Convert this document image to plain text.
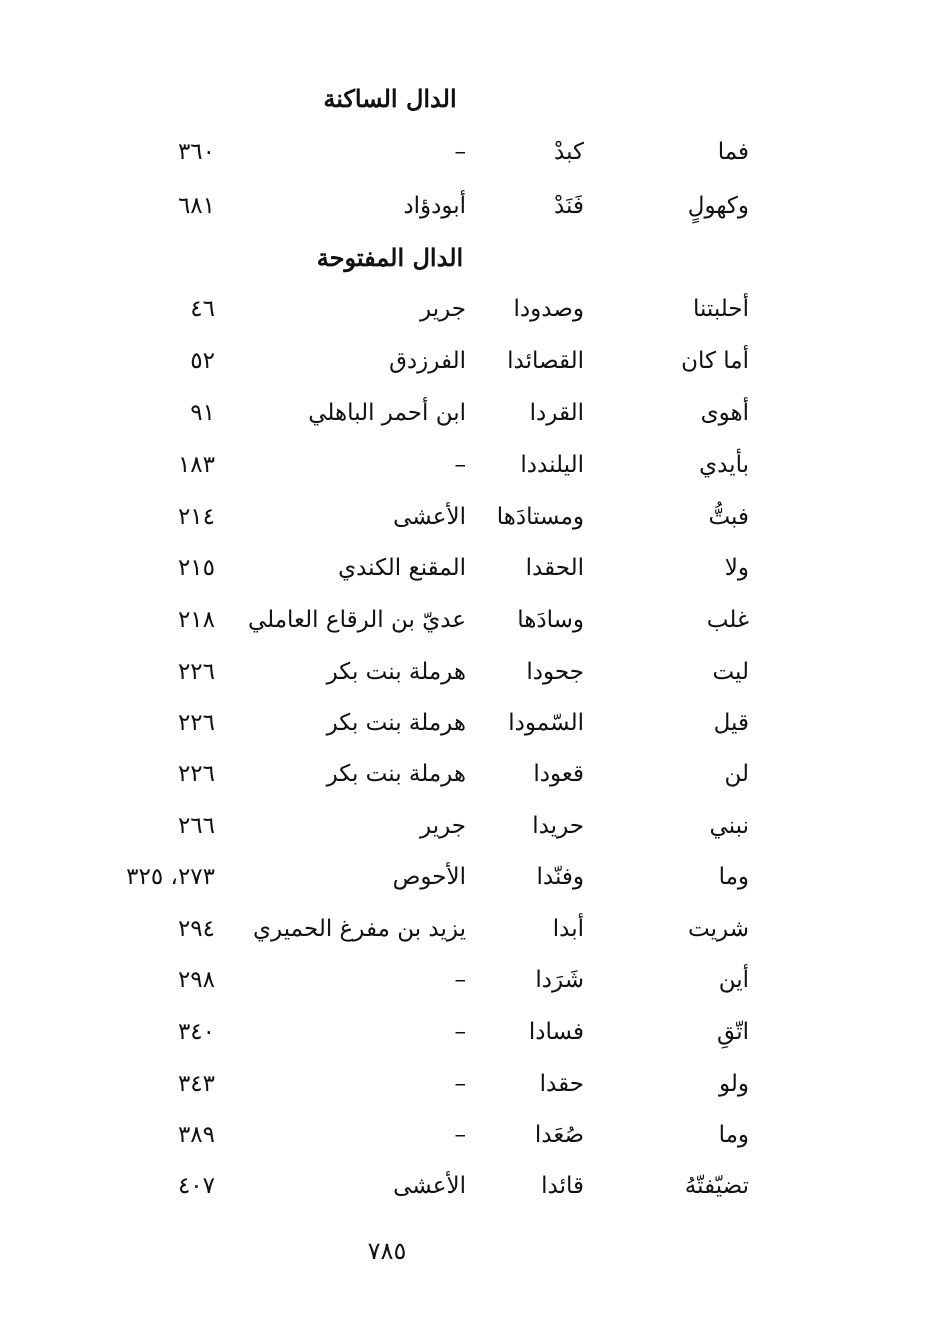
الدال الساكنة
فما
كبدْ
–
٣٦٠
وكهولٍ
فَنَدْ
أبودؤاد
٦٨١
الدال المفتوحة
أحلبتنا
وصدودا
جرير
٤٦
أما كان
القصائدا
الفرزدق
٥٢
أهوى
القردا
ابن أحمر الباهلي
٩١
بأيدي
اليلنددا
–
١٨٣
فبتُّ
ومستادَها
الأعشى
٢١٤
ولا
الحقدا
المقنع الكندي
٢١٥
غلب
وسادَها
عديّ بن الرقاع العاملي
٢١٨
ليت
جحودا
هرملة بنت بكر
٢٢٦
قيل
السّمودا
هرملة بنت بكر
٢٢٦
لن
قعودا
هرملة بنت بكر
٢٢٦
نبني
حريدا
جرير
٢٦٦
وما
وفنّدا
الأحوص
٢٧٣، ٣٢٥
شريت
أبدا
يزيد بن مفرغ الحميري
٢٩٤
أين
شَرَدا
–
٢٩٨
اتّقِ
فسادا
–
٣٤٠
ولو
حقدا
–
٣٤٣
وما
صُعَدا
–
٣٨٩
تضيّفتّهُ
قائدا
الأعشى
٤٠٧
٧٨٥
